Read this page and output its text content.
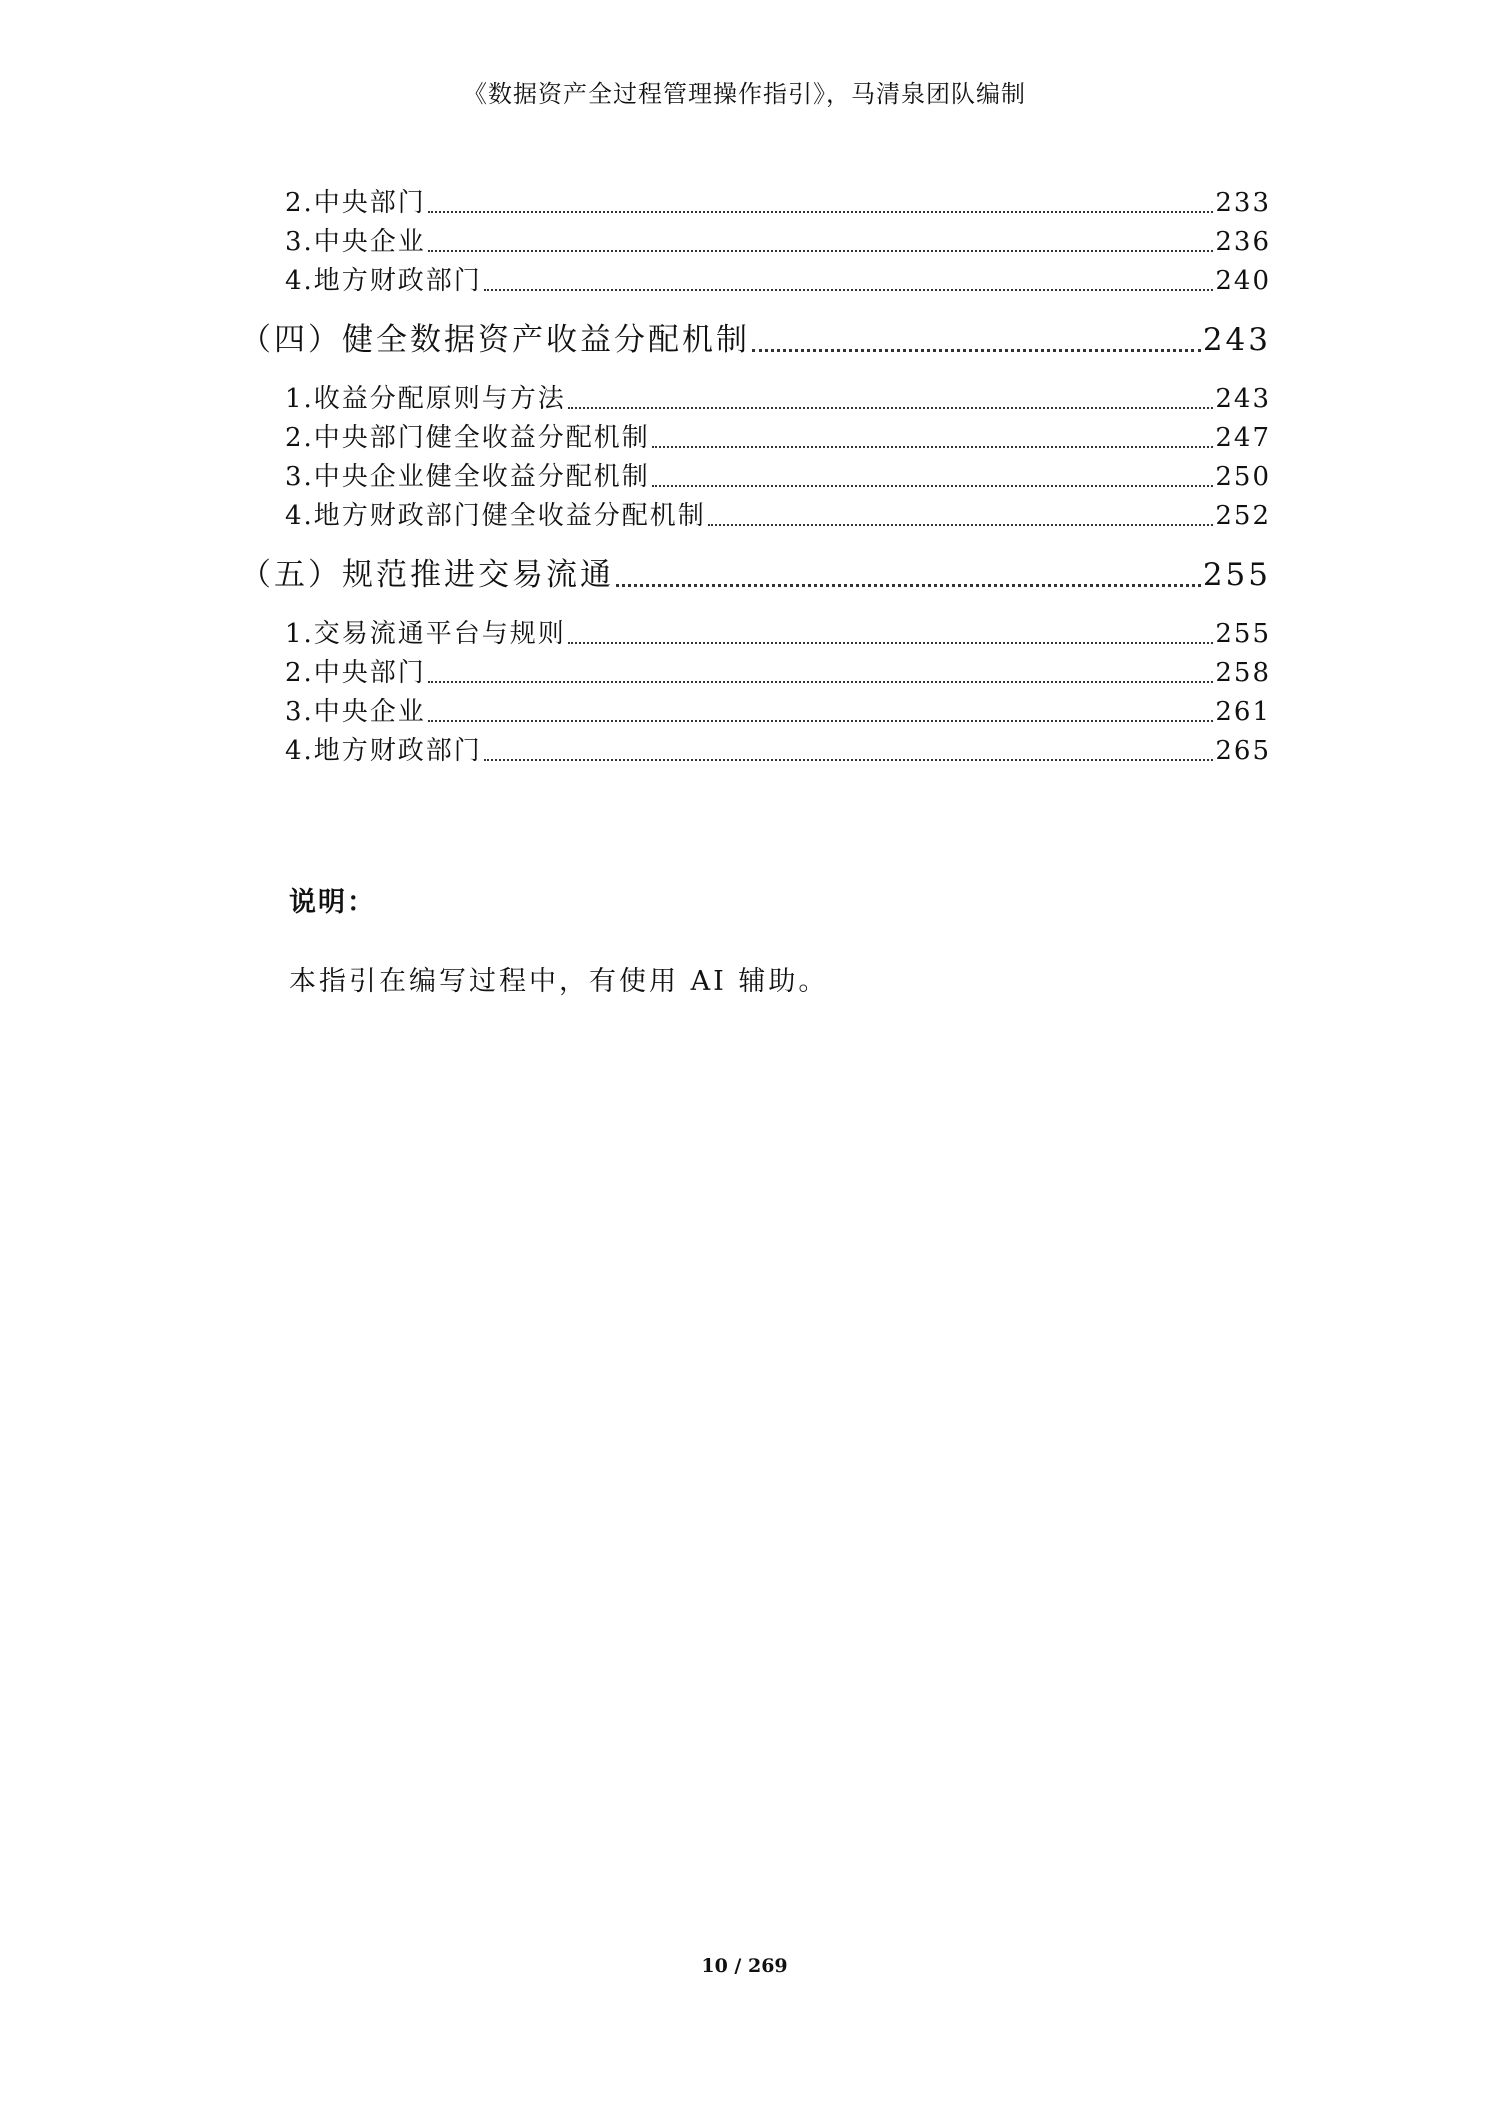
《数据资产全过程管理操作指引》，马清泉团队编制
2.中央部门	233
3.中央企业	236
4.地方财政部门	240
（四）健全数据资产收益分配机制	243
1.收益分配原则与方法	243
2.中央部门健全收益分配机制	247
3.中央企业健全收益分配机制	250
4.地方财政部门健全收益分配机制	252
（五）规范推进交易流通	255
1.交易流通平台与规则	255
2.中央部门	258
3.中央企业	261
4.地方财政部门	265
说明：
本指引在编写过程中，有使用 AI 辅助。
10 / 269
